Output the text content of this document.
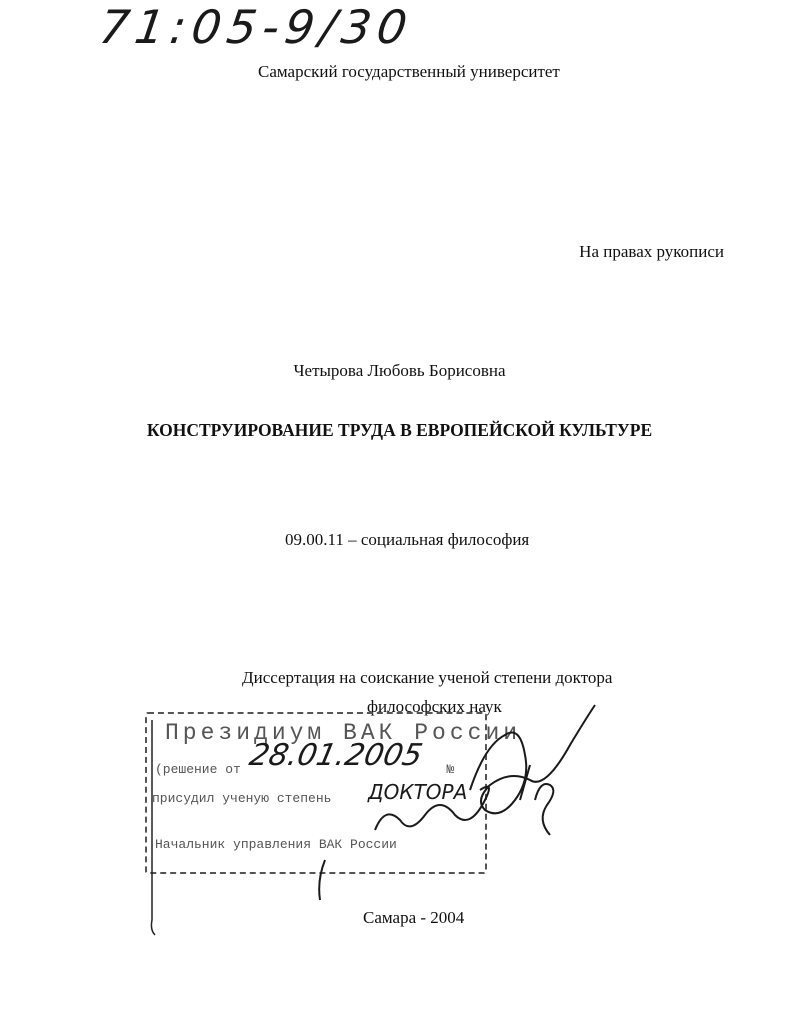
71:05-9/30
Самарский государственный университет
На правах рукописи
Четырова Любовь Борисовна
КОНСТРУИРОВАНИЕ ТРУДА В ЕВРОПЕЙСКОЙ КУЛЬТУРЕ
09.00.11 – социальная философия
Диссертация на соискание ученой степени доктора
философских наук
Президиум ВАК России
(решение от	№
присудил ученую степень
Начальник управления ВАК России
28.01.2005
ДОКТОРА
Самара - 2004
